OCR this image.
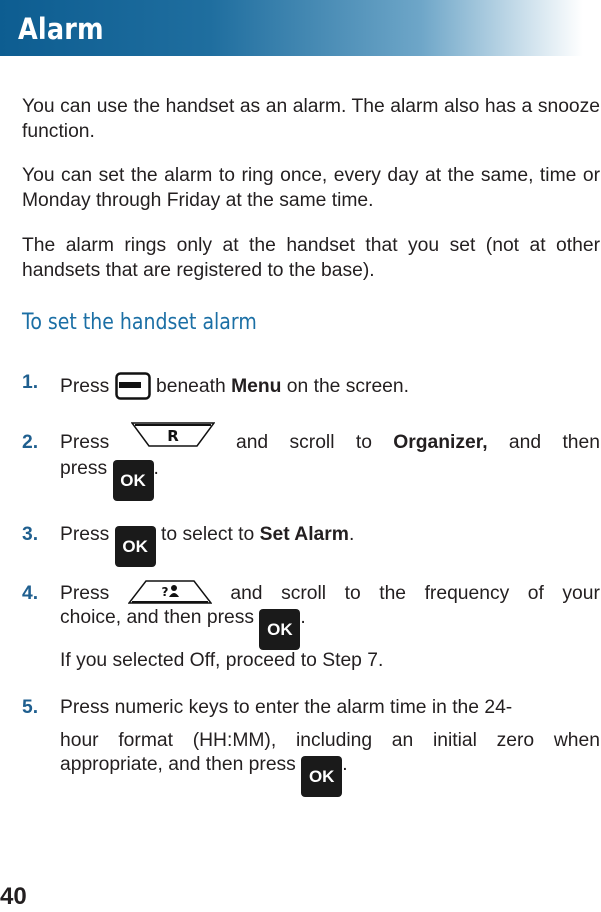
Alarm

You can use the handset as an alarm. The alarm also has a snooze function.

You can set the alarm to ring once, every day at the same, time or Monday through Friday at the same time.

The alarm rings only at the handset that you set (not at other handsets that are registered to the base).

To set the handset alarm
1. Press beneath Menu on the screen.
2. Press	R	and scroll to Organizer, and then
press OK.
3. Press OK to select to Set Alarm.
4. Press	?	and scroll to the frequency of your
choice, and then press OK.
If you selected Off, proceed to Step 7.
5. Press numeric keys to enter the alarm time in the 24-
hour format (HH:MM), including an initial zero when
appropriate, and then press OK.
40
